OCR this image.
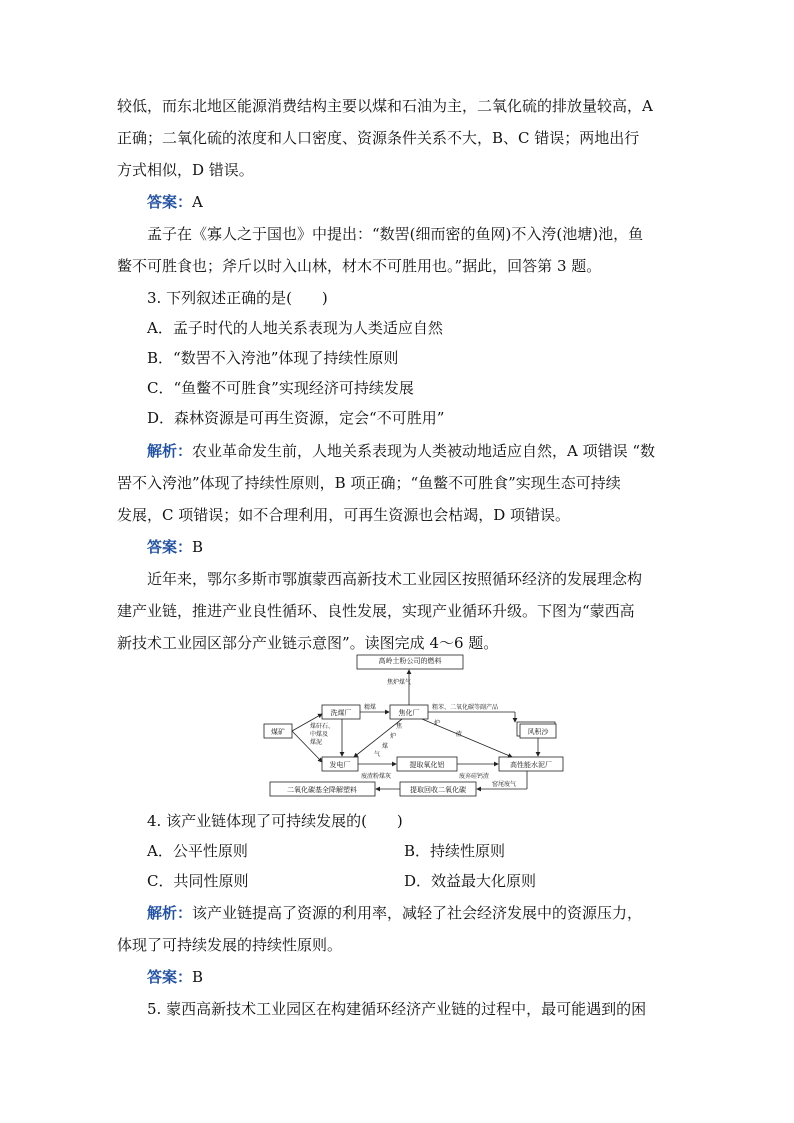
较低，而东北地区能源消费结构主要以煤和石油为主，二氧化硫的排放量较高，A
正确；二氧化硫的浓度和人口密度、资源条件关系不大，B、C 错误；两地出行
方式相似，D 错误。
答案：A
孟子在《寡人之于国也》中提出：“数罟(细而密的鱼网)不入洿(池塘)池，鱼
鳖不可胜食也；斧斤以时入山林，材木不可胜用也。”据此，回答第 3 题。
3. 下列叙述正确的是(　　)
A．孟子时代的人地关系表现为人类适应自然
B．“数罟不入洿池”体现了持续性原则
C．“鱼鳖不可胜食”实现经济可持续发展
D．森林资源是可再生资源，定会“不可胜用”
解析：农业革命发生前，人地关系表现为人类被动地适应自然，A 项错误 “数
罟不入洿池”体现了持续性原则，B 项正确；“鱼鳖不可胜食”实现生态可持续
发展，C 项错误；如不合理利用，可再生资源也会枯竭，D 项错误。
答案：B
近年来，鄂尔多斯市鄂旗蒙西高新技术工业园区按照循环经济的发展理念构
建产业链，推进产业良性循环、良性发展，实现产业循环升级。下图为“蒙西高
新技术工业园区部分产业链示意图”。读图完成 4～6 题。
高岭土粉公司的燃料
洗煤厂	焦化厂
煤矿	风积沙
发电厂	提取氧化铝	高性能水泥厂
二氧化碳基全降解塑料	提取回收二氧化碳
焦炉煤气
精煤	粗苯、二氧化碳等副产品
煤矸石、
中煤及
煤泥
焦
炉
煤
气
炉
渣
废渣粉煤灰	废弃硅钙渣
窑尾废气
4. 该产业链体现了可持续发展的(　　)
A．公平性原则	B．持续性原则
C．共同性原则	D．效益最大化原则
解析：该产业链提高了资源的利用率，减轻了社会经济发展中的资源压力，
体现了可持续发展的持续性原则。
答案：B
5. 蒙西高新技术工业园区在构建循环经济产业链的过程中，最可能遇到的困
